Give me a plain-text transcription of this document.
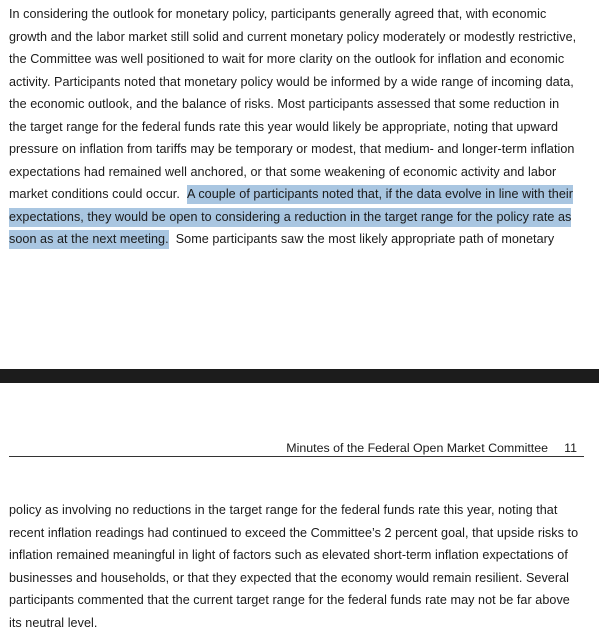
In considering the outlook for monetary policy, participants generally agreed that, with economic
growth and the labor market still solid and current monetary policy moderately or modestly restrictive,
the Committee was well positioned to wait for more clarity on the outlook for inflation and economic
activity. Participants noted that monetary policy would be informed by a wide range of incoming data,
the economic outlook, and the balance of risks. Most participants assessed that some reduction in
the target range for the federal funds rate this year would likely be appropriate, noting that upward
pressure on inflation from tariffs may be temporary or modest, that medium- and longer-term inflation
expectations had remained well anchored, or that some weakening of economic activity and labor
market conditions could occur. A couple of participants noted that, if the data evolve in line with their
expectations, they would be open to considering a reduction in the target range for the policy rate as
soon as at the next meeting. Some participants saw the most likely appropriate path of monetary

Minutes of the Federal Open Market Committee 11

policy as involving no reductions in the target range for the federal funds rate this year, noting that
recent inflation readings had continued to exceed the Committee’s 2 percent goal, that upside risks to
inflation remained meaningful in light of factors such as elevated short-term inflation expectations of
businesses and households, or that they expected that the economy would remain resilient. Several
participants commented that the current target range for the federal funds rate may not be far above
its neutral level.
